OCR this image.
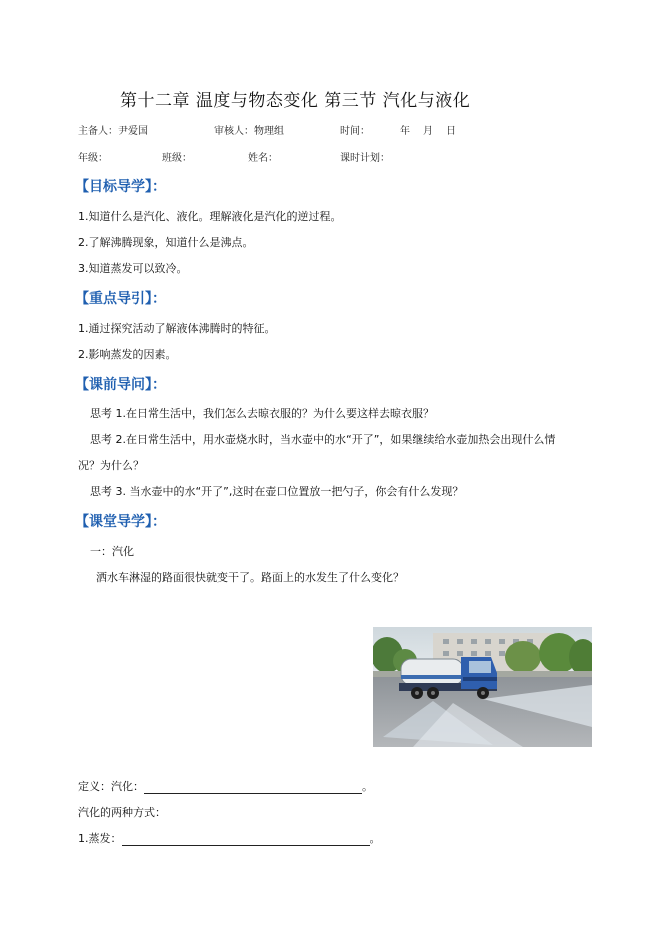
第十二章 温度与物态变化 第三节 汽化与液化
主备人：尹爱国	审核人：物理组	时间：	年 月 日
年级：	班级：	姓名：	课时计划：
【目标导学】：
1.知道什么是汽化、液化。理解液化是汽化的逆过程。
2.了解沸腾现象，知道什么是沸点。
3.知道蒸发可以致冷。
【重点导引】：
1.通过探究活动了解液体沸腾时的特征。
2.影响蒸发的因素。
【课前导问】：
思考 1.在日常生活中，我们怎么去晾衣服的？为什么要这样去晾衣服？
思考 2.在日常生活中，用水壶烧水时，当水壶中的水“开了”，如果继续给水壶加热会出现什么情
况？为什么？
思考 3. 当水壶中的水“开了”,这时在壶口位置放一把勺子，你会有什么发现？
【课堂导学】：
一：汽化
洒水车淋湿的路面很快就变干了。路面上的水发生了什么变化？
定义：汽化：	。
汽化的两种方式：
1.蒸发：	。
